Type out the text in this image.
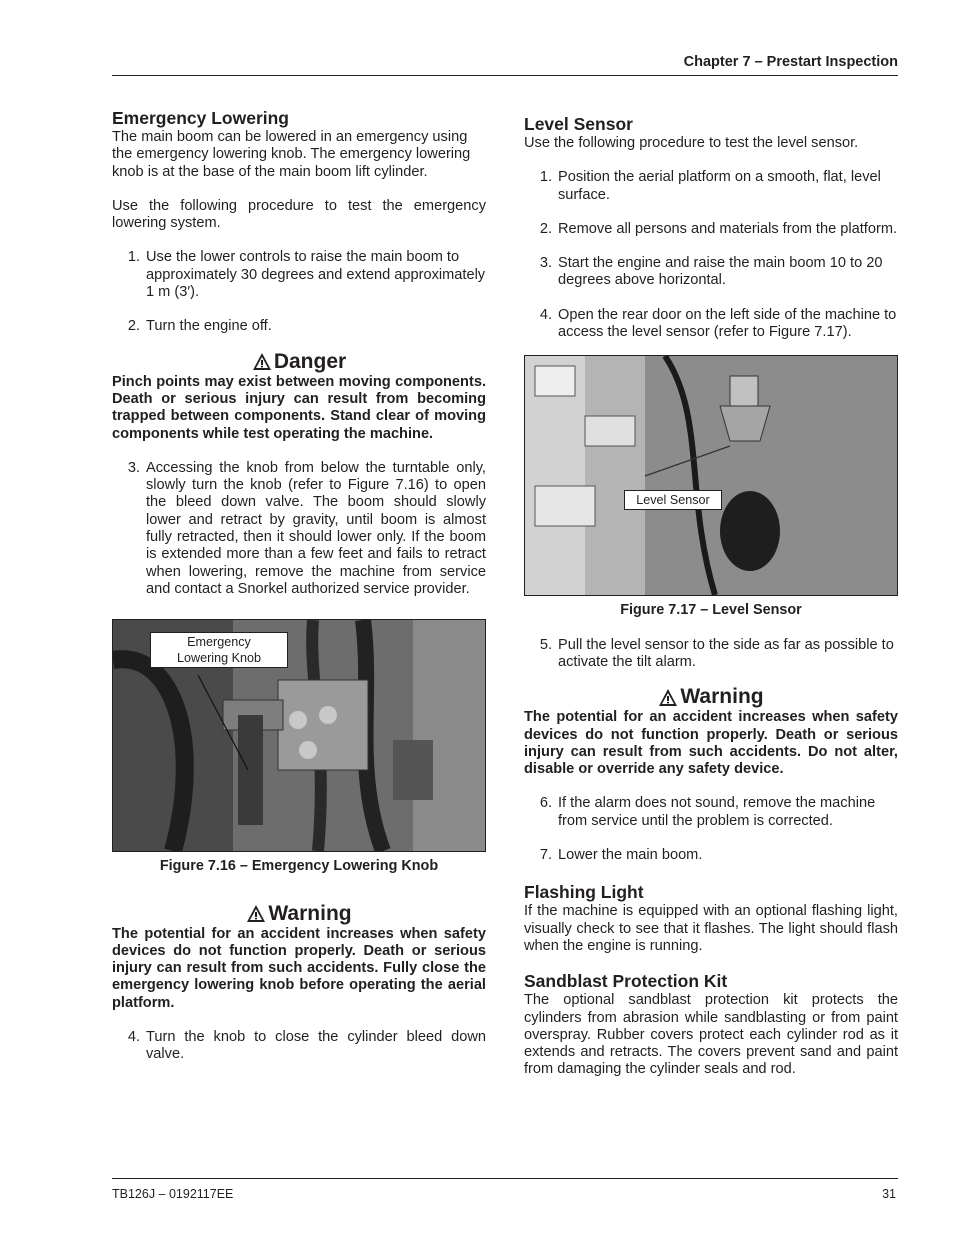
Chapter 7 – Prestart Inspection
Emergency Lowering

The main boom can be lowered in an emergency using the emergency lowering knob. The emergency lowering knob is at the base of the main boom lift cylinder.

Use the following procedure to test the emergency lowering system.

1. Use the lower controls to raise the main boom to approximately 30 degrees and extend approximately 1 m (3′).
2. Turn the engine off.
Danger

Pinch points may exist between moving components. Death or serious injury can result from becoming trapped between components. Stand clear of moving components while test operating the machine.

3. Accessing the knob from below the turntable only, slowly turn the knob (refer to Figure 7.16) to open the bleed down valve. The boom should slowly lower and retract by gravity, until boom is almost fully retracted, then it should lower only. If the boom is extended more than a few feet and fails to retract when lowering, remove the machine from service and contact a Snorkel authorized service provider.
Emergency
Lowering Knob
Figure 7.16 – Emergency Lowering Knob
Warning

The potential for an accident increases when safety devices do not function properly. Death or serious injury can result from such accidents. Fully close the emergency lowering knob before operating the aerial platform.

4. Turn the knob to close the cylinder bleed down valve.
Level Sensor

Use the following procedure to test the level sensor.

1. Position the aerial platform on a smooth, flat, level surface.
2. Remove all persons and materials from the platform.
3. Start the engine and raise the main boom 10 to 20 degrees above horizontal.
4. Open the rear door on the left side of the machine to access the level sensor (refer to Figure 7.17).
Level Sensor
Figure 7.17 – Level Sensor
5. Pull the level sensor to the side as far as possible to activate the tilt alarm.
Warning

The potential for an accident increases when safety devices do not function properly. Death or serious injury can result from such accidents. Do not alter, disable or override any safety device.

6. If the alarm does not sound, remove the machine from service until the problem is corrected.
7. Lower the main boom.
Flashing Light

If the machine is equipped with an optional flashing light, visually check to see that it flashes. The light should flash when the engine is running.

Sandblast Protection Kit

The optional sandblast protection kit protects the cylinders from abrasion while sandblasting or from paint overspray. Rubber covers protect each cylinder rod as it extends and retracts. The covers prevent sand and paint from damaging the cylinder seals and rod.

TB126J – 0192117EE	31
